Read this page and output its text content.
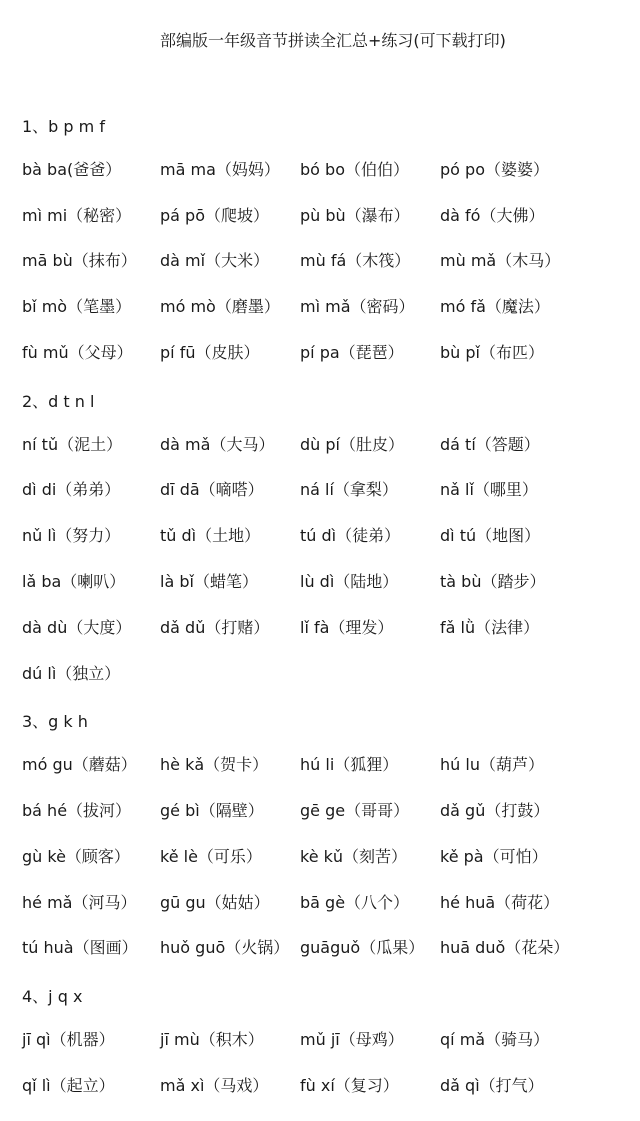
部编版一年级音节拼读全汇总+练习(可下载打印)
1、b p m f
bà ba(爸爸） mā ma（妈妈） bó bo（伯伯） pó po（婆婆）
mì mi（秘密） pá pō（爬坡） pù bù（瀑布） dà fó（大佛）
mā bù（抹布） dà mǐ（大米） mù fá（木筏） mù mǎ（木马）
bǐ mò（笔墨） mó mò（磨墨） mì mǎ（密码） mó fǎ（魔法）
fù mǔ（父母） pí fū（皮肤）	pí pa（琵琶） bù pǐ（布匹）
2、d t n l
ní tǔ（泥土） dà mǎ（大马） dù pí（肚皮） dá tí（答题）
dì di（弟弟） dī dā（嘀嗒） ná lí（拿梨）	nǎ lǐ（哪里）
nǔ lì（努力） tǔ dì（土地） tú dì（徒弟） dì tú（地图）
lǎ ba（喇叭） là bǐ（蜡笔）	lù dì（陆地）	tà bù（踏步）
dà dù（大度） dǎ dǔ（打赌） lǐ fà（理发）	fǎ lǜ（法律）
dú lì（独立）
3、g k h
mó gu（蘑菇） hè kǎ（贺卡） hú li（狐狸）	hú lu（葫芦）
bá hé（拔河） gé bì（隔壁） gē ge（哥哥） dǎ gǔ（打鼓）
gù kè（顾客） kě lè（可乐） kè kǔ（刻苦） kě pà（可怕）
hé mǎ（河马） gū gu（姑姑） bā gè（八个） hé huā（荷花）
tú huà（图画） huǒ guō（火锅） guāguǒ（瓜果） huā duǒ（花朵）
4、j q x
jī qì（机器）	jī mù（积木） mǔ jī（母鸡） qí mǎ（骑马）
qǐ lì（起立）	mǎ xì（马戏） fù xí（复习）	dǎ qì（打气）
